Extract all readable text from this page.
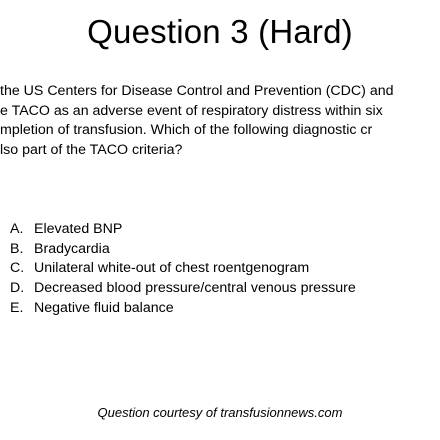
Question 3 (Hard)
the US Centers for Disease Control and Prevention (CDC) and
e TACO as an adverse event of respiratory distress within six
mpletion of transfusion. Which of the following diagnostic cr
lso part of the TACO criteria?
A. Elevated BNP
B. Bradycardia
C. Unilateral white-out of chest roentgenogram
D. Decreased blood pressure/central venous pressure
E. Negative fluid balance
Question courtesy of transfusionnews.com
